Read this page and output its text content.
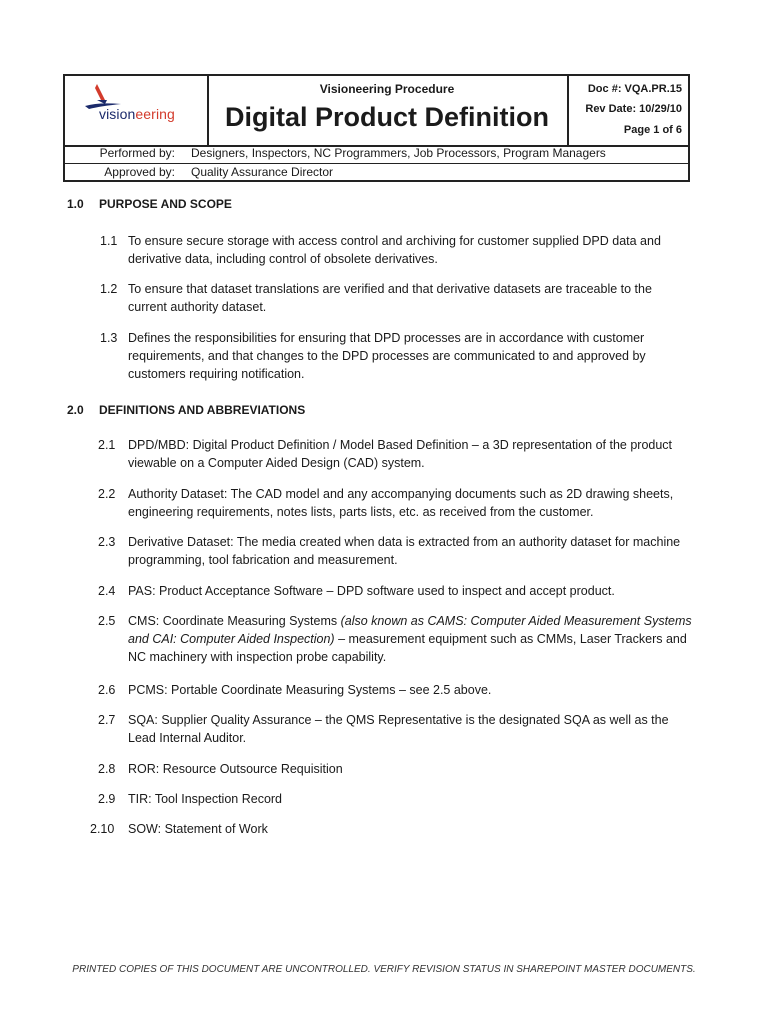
visioneering
Visioneering Procedure
Digital Product Definition
Doc #: VQA.PR.15
Rev Date: 10/29/10
Page 1 of 6
Performed by: Designers, Inspectors, NC Programmers, Job Processors, Program Managers
Approved by: Quality Assurance Director
1.0 PURPOSE AND SCOPE
1.1 To ensure secure storage with access control and archiving for customer supplied DPD data and derivative data, including control of obsolete derivatives.
1.2 To ensure that dataset translations are verified and that derivative datasets are traceable to the current authority dataset.
1.3 Defines the responsibilities for ensuring that DPD processes are in accordance with customer requirements, and that changes to the DPD processes are communicated to and approved by customers requiring notification.
2.0 DEFINITIONS AND ABBREVIATIONS
2.1	DPD/MBD: Digital Product Definition / Model Based Definition – a 3D representation of the product viewable on a Computer Aided Design (CAD) system.
2.2	Authority Dataset: The CAD model and any accompanying documents such as 2D drawing sheets, engineering requirements, notes lists, parts lists, etc. as received from the customer.
2.3	Derivative Dataset: The media created when data is extracted from an authority dataset for machine programming, tool fabrication and measurement.
2.4	PAS: Product Acceptance Software – DPD software used to inspect and accept product.
2.5	CMS: Coordinate Measuring Systems (also known as CAMS: Computer Aided Measurement Systems and CAI: Computer Aided Inspection) – measurement equipment such as CMMs, Laser Trackers and NC machinery with inspection probe capability.
2.6	PCMS: Portable Coordinate Measuring Systems – see 2.5 above.
2.7	SQA: Supplier Quality Assurance – the QMS Representative is the designated SQA as well as the Lead Internal Auditor.
2.8	ROR: Resource Outsource Requisition
2.9	TIR: Tool Inspection Record
2.10	SOW: Statement of Work
PRINTED COPIES OF THIS DOCUMENT ARE UNCONTROLLED. VERIFY REVISION STATUS IN SHAREPOINT MASTER DOCUMENTS.
